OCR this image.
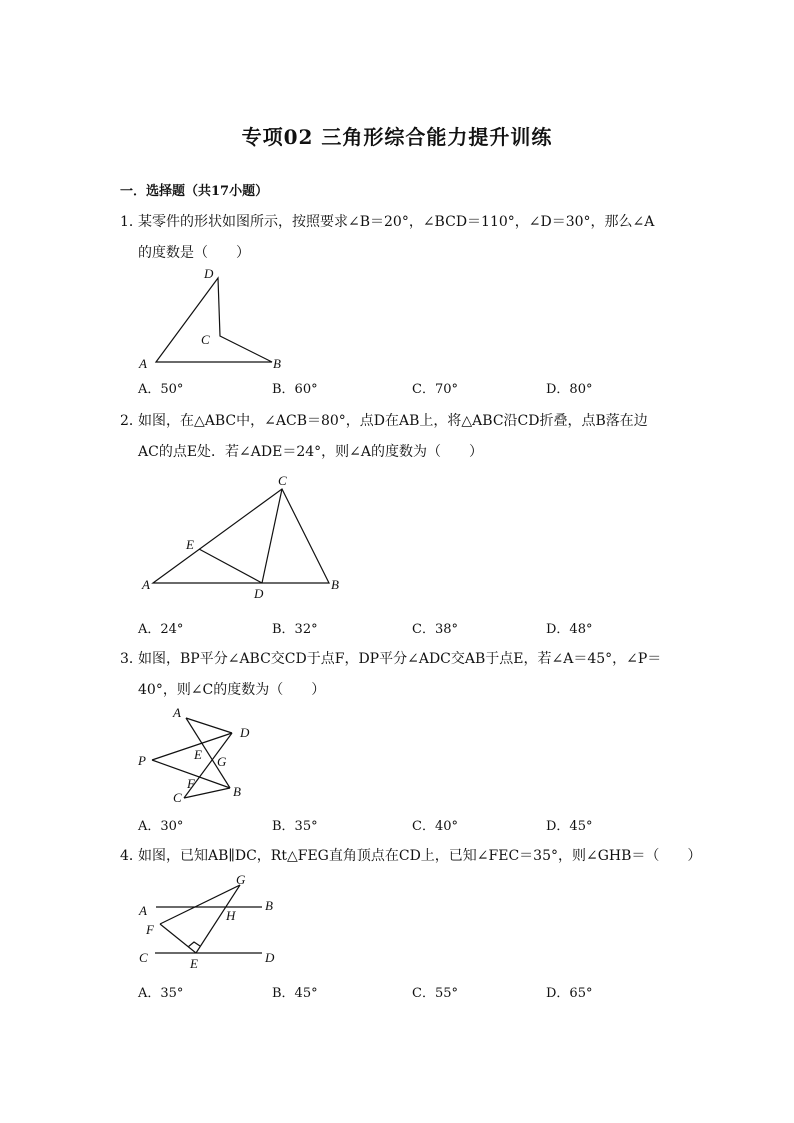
专项02 三角形综合能力提升训练
一．选择题（共17小题）
1．某零件的形状如图所示，按照要求∠B＝20°，∠BCD＝110°，∠D＝30°，那么∠A
的度数是（　　）
D
C
A	B
A．50°	B．60°	C．70°	D．80°
2．如图，在△ABC中，∠ACB＝80°，点D在AB上，将△ABC沿CD折叠，点B落在边
AC的点E处．若∠ADE＝24°，则∠A的度数为（　　）
C
E
A
D
B
A．24°	B．32°	C．38°	D．48°
3．如图，BP平分∠ABC交CD于点F，DP平分∠ADC交AB于点E，若∠A＝45°，∠P＝
40°，则∠C的度数为（　　）
A
D
P	E G
F
C	B
A．30°	B．35°	C．40°	D．45°
4．如图，已知AB∥DC，Rt△FEG直角顶点在CD上，已知∠FEC＝35°，则∠GHB＝（　　）
G
A	B
H
F
C	E	D
A．35°	B．45°	C．55°	D．65°
